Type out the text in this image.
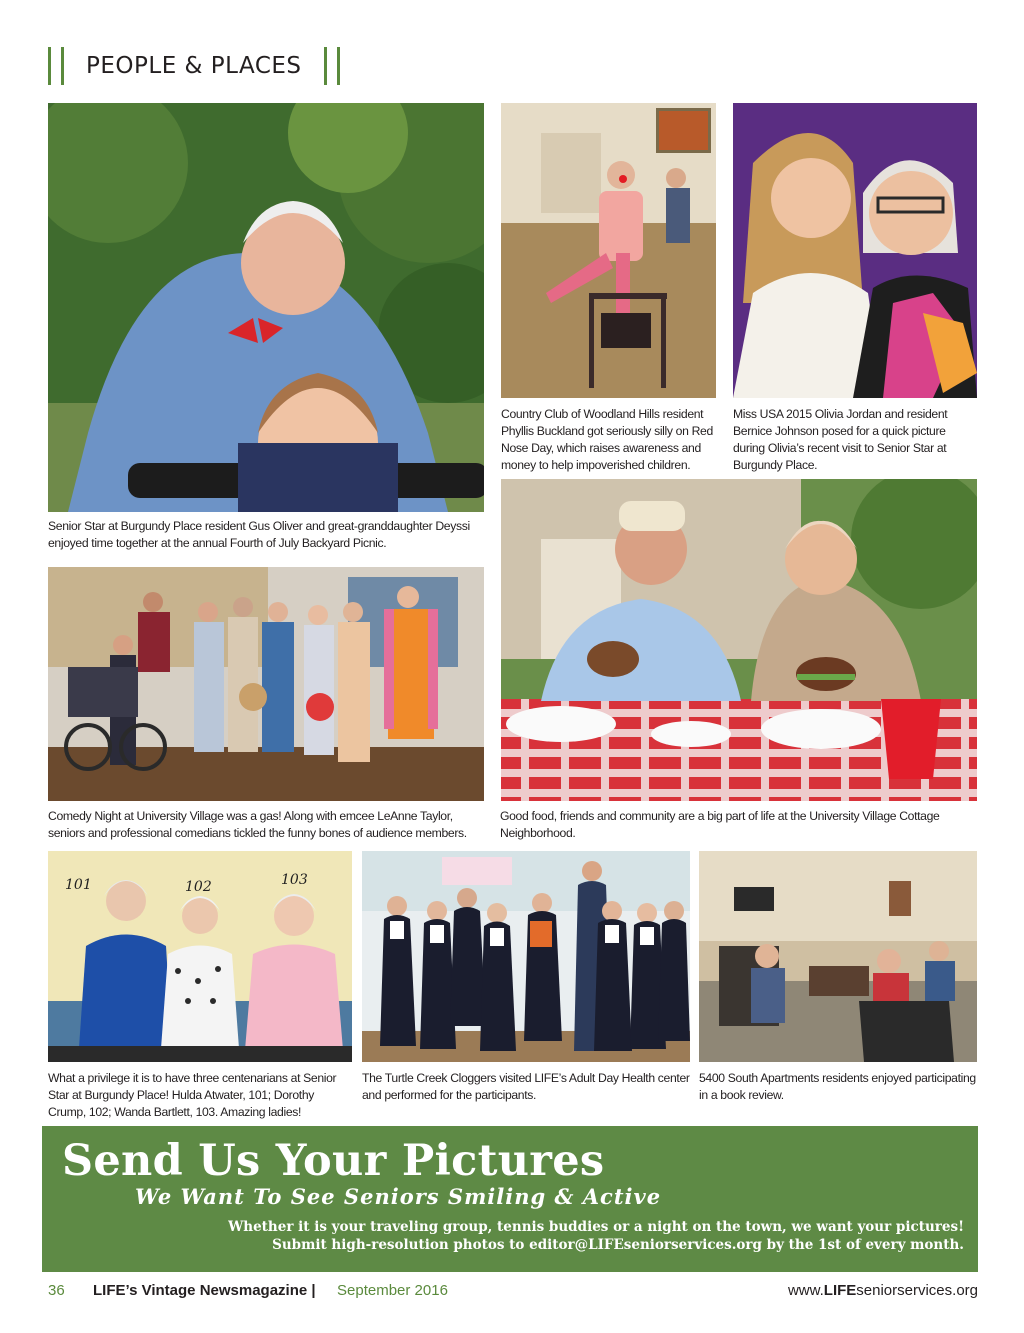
PEOPLE & PLACES
Senior Star at Burgundy Place resident Gus Oliver and great-granddaughter Deyssi enjoyed time together at the annual Fourth of July Backyard Picnic.
Country Club of Woodland Hills resident Phyllis Buckland got seriously silly on Red Nose Day, which raises awareness and money to help impoverished children.
Miss USA 2015 Olivia Jordan and resident Bernice Johnson posed for a quick picture during Olivia’s recent visit to Senior Star at Burgundy Place.
Comedy Night at University Village was a gas! Along with emcee LeAnne Taylor, seniors and professional comedians tickled the funny bones of audience members.
Good food, friends and community are a big part of life at the University Village Cottage Neighborhood.
101	102	103
What a privilege it is to have three centenarians at Senior Star at Burgundy Place! Hulda Atwater, 101; Dorothy Crump, 102; Wanda Bartlett, 103. Amazing ladies!
The Turtle Creek Cloggers visited LIFE’s Adult Day Health center and performed for the participants.
5400 South Apartments residents enjoyed participating in a book review.
Send Us Your Pictures
We Want To See Seniors Smiling & Active
Whether it is your traveling group, tennis buddies or a night on the town, we want your pictures!
Submit high-resolution photos to editor@LIFEseniorservices.org by the 1st of every month.
36 LIFE’s Vintage Newsmagazine | September 2016	www.LIFEseniorservices.org
